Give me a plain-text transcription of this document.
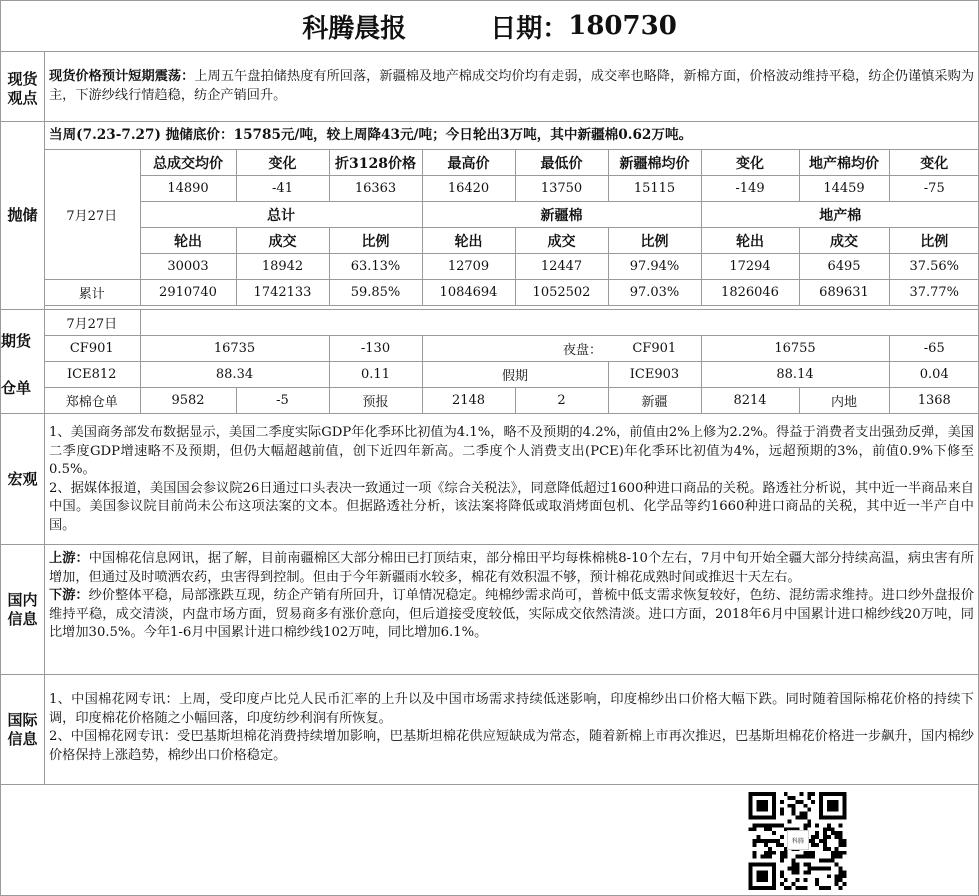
科腾晨报	日期： 180730
现货观点
现货价格预计短期震荡：上周五午盘拍储热度有所回落，新疆棉及地产棉成交均价均有走弱，成交率也略降，新棉方面，价格波动维持平稳，纺企仍谨慎采购为主，下游纱线行情趋稳，纺企产销回升。
抛储
当周(7.23-7.27) 抛储底价：15785元/吨，较上周降43元/吨；今日轮出3万吨，其中新疆棉0.62万吨。
7月27日	总成交均价	变化	折3128价格	最高价	最低价	新疆棉均价	变化	地产棉均价	变化
	14890	-41	16363	16420	13750	15115	-149	14459	-75
	总计			新疆棉			地产棉		
	轮出	成交	比例	轮出	成交	比例	轮出	成交	比例
	30003	18942	63.13%	12709	12447	97.94%	17294	6495	37.56%
累计	2910740	1742133	59.85%	1084694	1052502	97.03%	1826046	689631	37.77%
期货
仓单
7月27日									
CF901	16735		-130	夜盘：		CF901	16755		-65
ICE812	88.34		0.11	假期		ICE903	88.14		0.04
郑棉仓单	9582	-5	预报	2148	2	新疆	8214	内地	1368
宏观
1、美国商务部发布数据显示，美国二季度实际GDP年化季环比初值为4.1%，略不及预期的4.2%，前值由2%上修为2.2%。得益于消费者支出强劲反弹，美国二季度GDP增速略不及预期，但仍大幅超越前值，创下近四年新高。二季度个人消费支出(PCE)年化季环比初值为4%，远超预期的3%，前值0.9%下修至0.5%。
2、据媒体报道，美国国会参议院26日通过口头表决一致通过一项《综合关税法》，同意降低超过1600种进口商品的关税。路透社分析说，其中近一半商品来自中国。美国参议院目前尚未公布这项法案的文本。但据路透社分析，该法案将降低或取消烤面包机、化学品等约1660种进口商品的关税，其中近一半产自中国。
国内信息
上游：中国棉花信息网讯，据了解，目前南疆棉区大部分棉田已打顶结束，部分棉田平均每株棉桃8-10个左右，7月中旬开始全疆大部分持续高温，病虫害有所增加，但通过及时喷洒农药，虫害得到控制。但由于今年新疆雨水较多，棉花有效积温不够，预计棉花成熟时间或推迟十天左右。
下游：纱价整体平稳，局部涨跌互现，纺企产销有所回升，订单情况稳定。纯棉纱需求尚可，普梳中低支需求恢复较好，色纺、混纺需求维持。进口纱外盘报价维持平稳，成交清淡，内盘市场方面，贸易商多有涨价意向，但后道接受度较低，实际成交依然清淡。进口方面，2018年6月中国累计进口棉纱线20万吨，同比增加30.5%。今年1-6月中国累计进口棉纱线102万吨，同比增加6.1%。
国际信息
1、中国棉花网专讯：上周，受印度卢比兑人民币汇率的上升以及中国市场需求持续低迷影响，印度棉纱出口价格大幅下跌。同时随着国际棉花价格的持续下调，印度棉花价格随之小幅回落，印度纺纱利润有所恢复。
2、中国棉花网专讯：受巴基斯坦棉花消费持续增加影响，巴基斯坦棉花供应短缺成为常态，随着新棉上市再次推迟，巴基斯坦棉花价格进一步飙升，国内棉纱价格保持上涨趋势，棉纱出口价格稳定。
科腾
